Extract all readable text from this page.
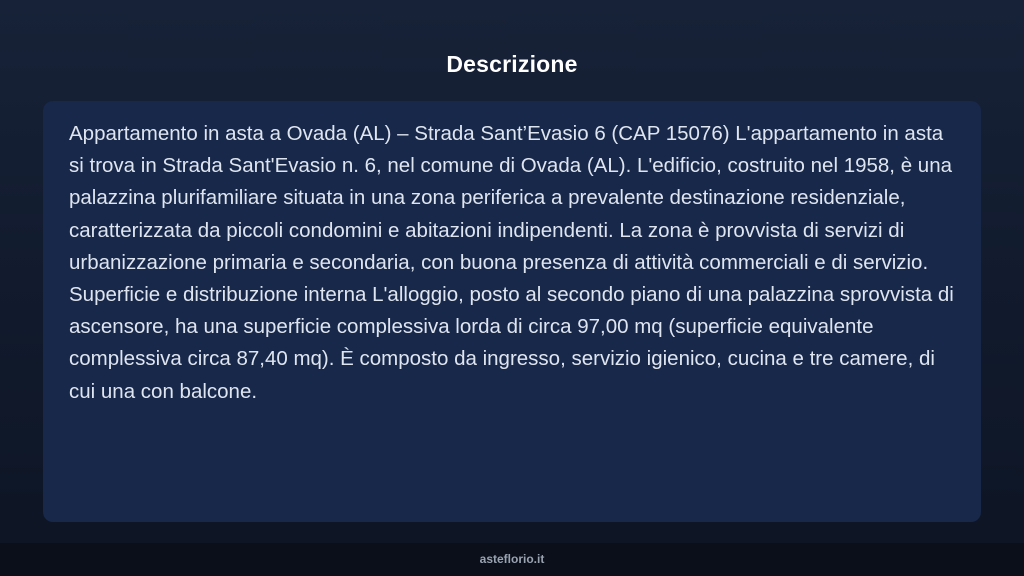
Descrizione

Appartamento in asta a Ovada (AL) – Strada Sant’Evasio 6 (CAP 15076) L'appartamento in asta si trova in Strada Sant'Evasio n. 6, nel comune di Ovada (AL). L'edificio, costruito nel 1958, è una palazzina plurifamiliare situata in una zona periferica a prevalente destinazione residenziale, caratterizzata da piccoli condomini e abitazioni indipendenti. La zona è provvista di servizi di urbanizzazione primaria e secondaria, con buona presenza di attività commerciali e di servizio. Superficie e distribuzione interna L'alloggio, posto al secondo piano di una palazzina sprovvista di ascensore, ha una superficie complessiva lorda di circa 97,00 mq (superficie equivalente complessiva circa 87,40 mq). È composto da ingresso, servizio igienico, cucina e tre camere, di cui una con balcone.

asteflorio.it
